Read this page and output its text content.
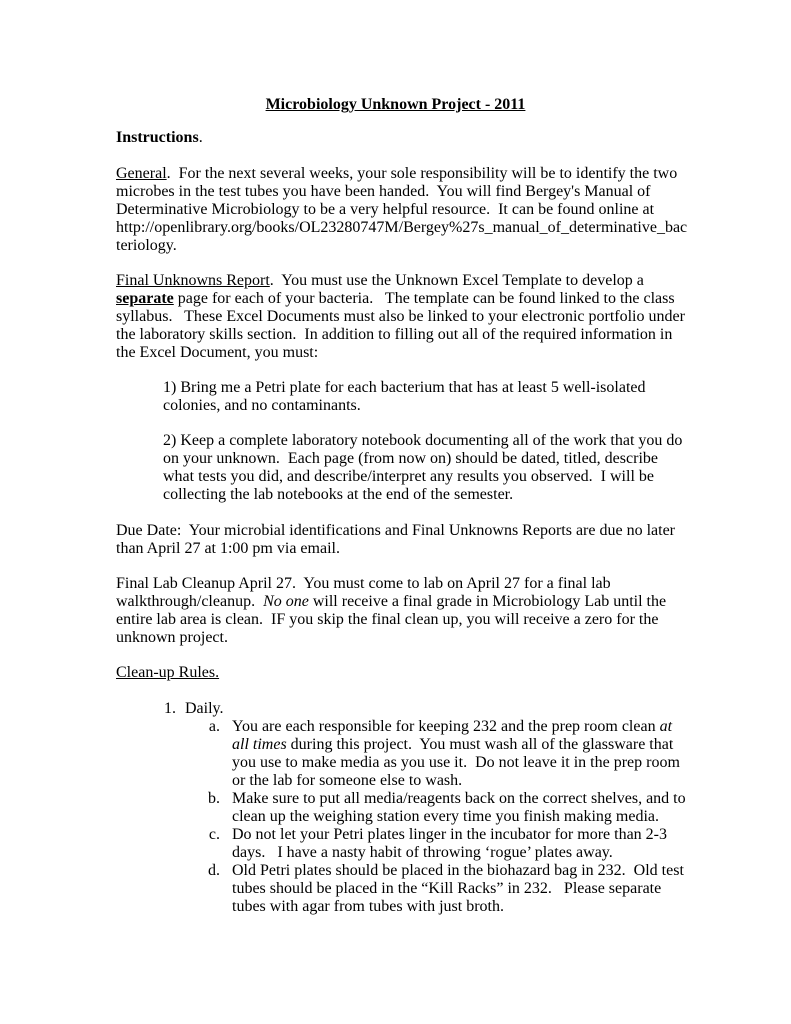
Microbiology Unknown Project - 2011
Instructions.
General.  For the next several weeks, your sole responsibility will be to identify the two
microbes in the test tubes you have been handed.  You will find Bergey's Manual of
Determinative Microbiology to be a very helpful resource.  It can be found online at
http://openlibrary.org/books/OL23280747M/Bergey%27s_manual_of_determinative_bac
teriology.
Final Unknowns Report.  You must use the Unknown Excel Template to develop a
separate page for each of your bacteria.   The template can be found linked to the class
syllabus.   These Excel Documents must also be linked to your electronic portfolio under
the laboratory skills section.  In addition to filling out all of the required information in
the Excel Document, you must:
1) Bring me a Petri plate for each bacterium that has at least 5 well-isolated
colonies, and no contaminants.
2) Keep a complete laboratory notebook documenting all of the work that you do
on your unknown.  Each page (from now on) should be dated, titled, describe
what tests you did, and describe/interpret any results you observed.  I will be
collecting the lab notebooks at the end of the semester.
Due Date:  Your microbial identifications and Final Unknowns Reports are due no later
than April 27 at 1:00 pm via email.
Final Lab Cleanup April 27.  You must come to lab on April 27 for a final lab
walkthrough/cleanup.  No one will receive a final grade in Microbiology Lab until the
entire lab area is clean.  IF you skip the final clean up, you will receive a zero for the
unknown project.
Clean-up Rules.
1. Daily.
a. You are each responsible for keeping 232 and the prep room clean at
all times during this project.  You must wash all of the glassware that
you use to make media as you use it.  Do not leave it in the prep room
or the lab for someone else to wash.
b. Make sure to put all media/reagents back on the correct shelves, and to
clean up the weighing station every time you finish making media.
c. Do not let your Petri plates linger in the incubator for more than 2-3
days.   I have a nasty habit of throwing ‘rogue’ plates away.
d. Old Petri plates should be placed in the biohazard bag in 232.  Old test
tubes should be placed in the “Kill Racks” in 232.   Please separate
tubes with agar from tubes with just broth.
